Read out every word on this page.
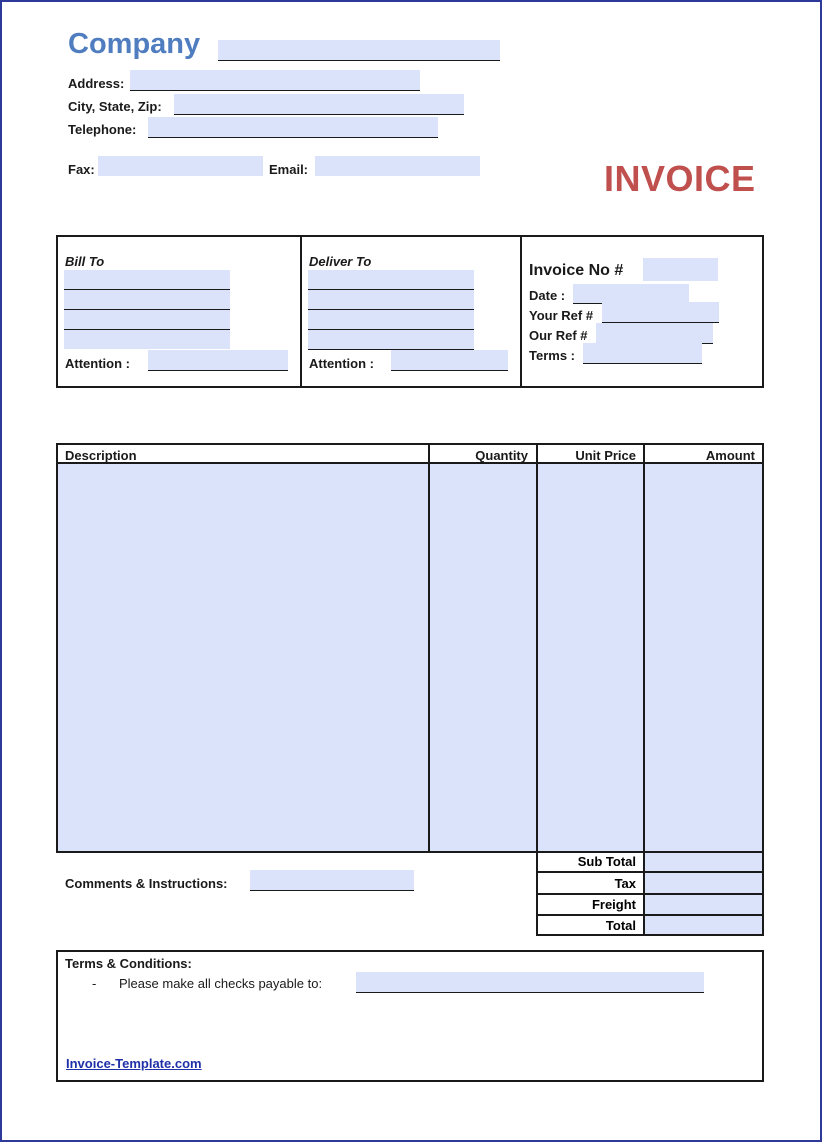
Company
Address:
City, State, Zip:
Telephone:
Fax:	Email:	INVOICE
Bill To
Attention :
Deliver To
Attention :
Invoice No #
Date :
Your Ref #
Our Ref #
Terms :
Description	Quantity	Unit Price	Amount
Sub Total
Tax
Freight
Total
Comments & Instructions:
Terms & Conditions:
- Please make all checks payable to:
Invoice-Template.com
